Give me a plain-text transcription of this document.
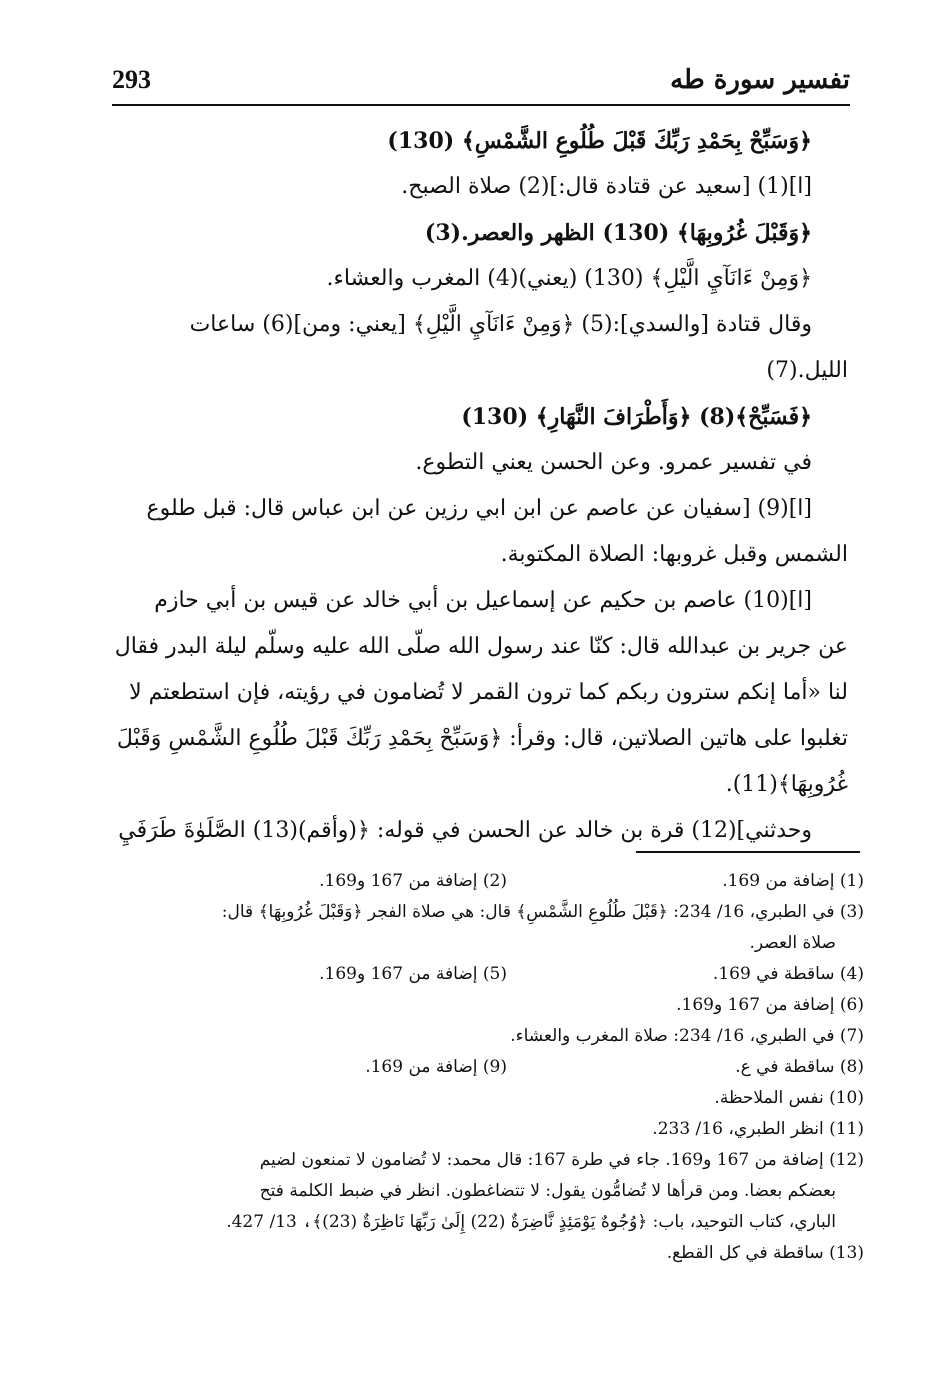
293	تفسير سورة طه

﴿وَسَبِّحْ بِحَمْدِ رَبِّكَ قَبْلَ طُلُوعِ الشَّمْسِ﴾ (130)

[ا](1) [سعيد عن قتادة قال:](2) صلاة الصبح.

﴿وَقَبْلَ غُرُوبِهَا﴾ (130) الظهر والعصر.(3)

﴿وَمِنْ ءَانَآيِ الَّيْلِ﴾ (130) (يعني)(4) المغرب والعشاء.

وقال قتادة [والسدي]:(5) ﴿وَمِنْ ءَانَآيِ الَّيْلِ﴾ [يعني: ومن](6) ساعات

الليل.(7)

﴿فَسَبِّحْ﴾(8) ﴿وَأَطْرَافَ النَّهَارِ﴾ (130)

في تفسير عمرو. وعن الحسن يعني التطوع.

[ا](9) [سفيان عن عاصم عن ابن ابي رزين عن ابن عباس قال: قبل طلوع

الشمس وقبل غروبها: الصلاة المكتوبة.

[ا](10) عاصم بن حكيم عن إسماعيل بن أبي خالد عن قيس بن أبي حازم

عن جرير بن عبدالله قال: كنّا عند رسول الله صلّى الله عليه وسلّم ليلة البدر فقال

لنا «أما إنكم سترون ربكم كما ترون القمر لا تُضامون في رؤيته، فإن استطعتم لا

تغلبوا على هاتين الصلاتين، قال: وقرأ: ﴿وَسَبِّحْ بِحَمْدِ رَبِّكَ قَبْلَ طُلُوعِ الشَّمْسِ وَقَبْلَ

غُرُوبِهَا﴾(11).

وحدثني](12) قرة بن خالد عن الحسن في قوله: ﴿(وأقم)(13) الصَّلَوٰةَ طَرَفَيِ

(1) إضافة من 169.
(2) إضافة من 167 و169.
(3) في الطبري، 16/ 234: ﴿قَبْلَ طُلُوعِ الشَّمْسِ﴾ قال: هي صلاة الفجر ﴿وَقَبْلَ غُرُوبِهَا﴾ قال:
صلاة العصر.
(4) ساقطة في 169.
(5) إضافة من 167 و169.
(6) إضافة من 167 و169.
(7) في الطبري، 16/ 234: صلاة المغرب والعشاء.
(8) ساقطة في ع.
(9) إضافة من 169.
(10) نفس الملاحظة.
(11) انظر الطبري، 16/ 233.
(12) إضافة من 167 و169. جاء في طرة 167: قال محمد: لا تُضامون لا تمنعون لضيم
بعضكم بعضا. ومن قرأها لا تُضامُّون يقول: لا تتضاغطون. انظر في ضبط الكلمة فتح
الباري، كتاب التوحيد، باب: ﴿وُجُوهٌ يَوْمَئِذٍ نَّاضِرَةٌ (22) إِلَىٰ رَبِّهَا نَاظِرَةٌ (23)﴾، 13/ 427.
(13) ساقطة في كل القطع.
